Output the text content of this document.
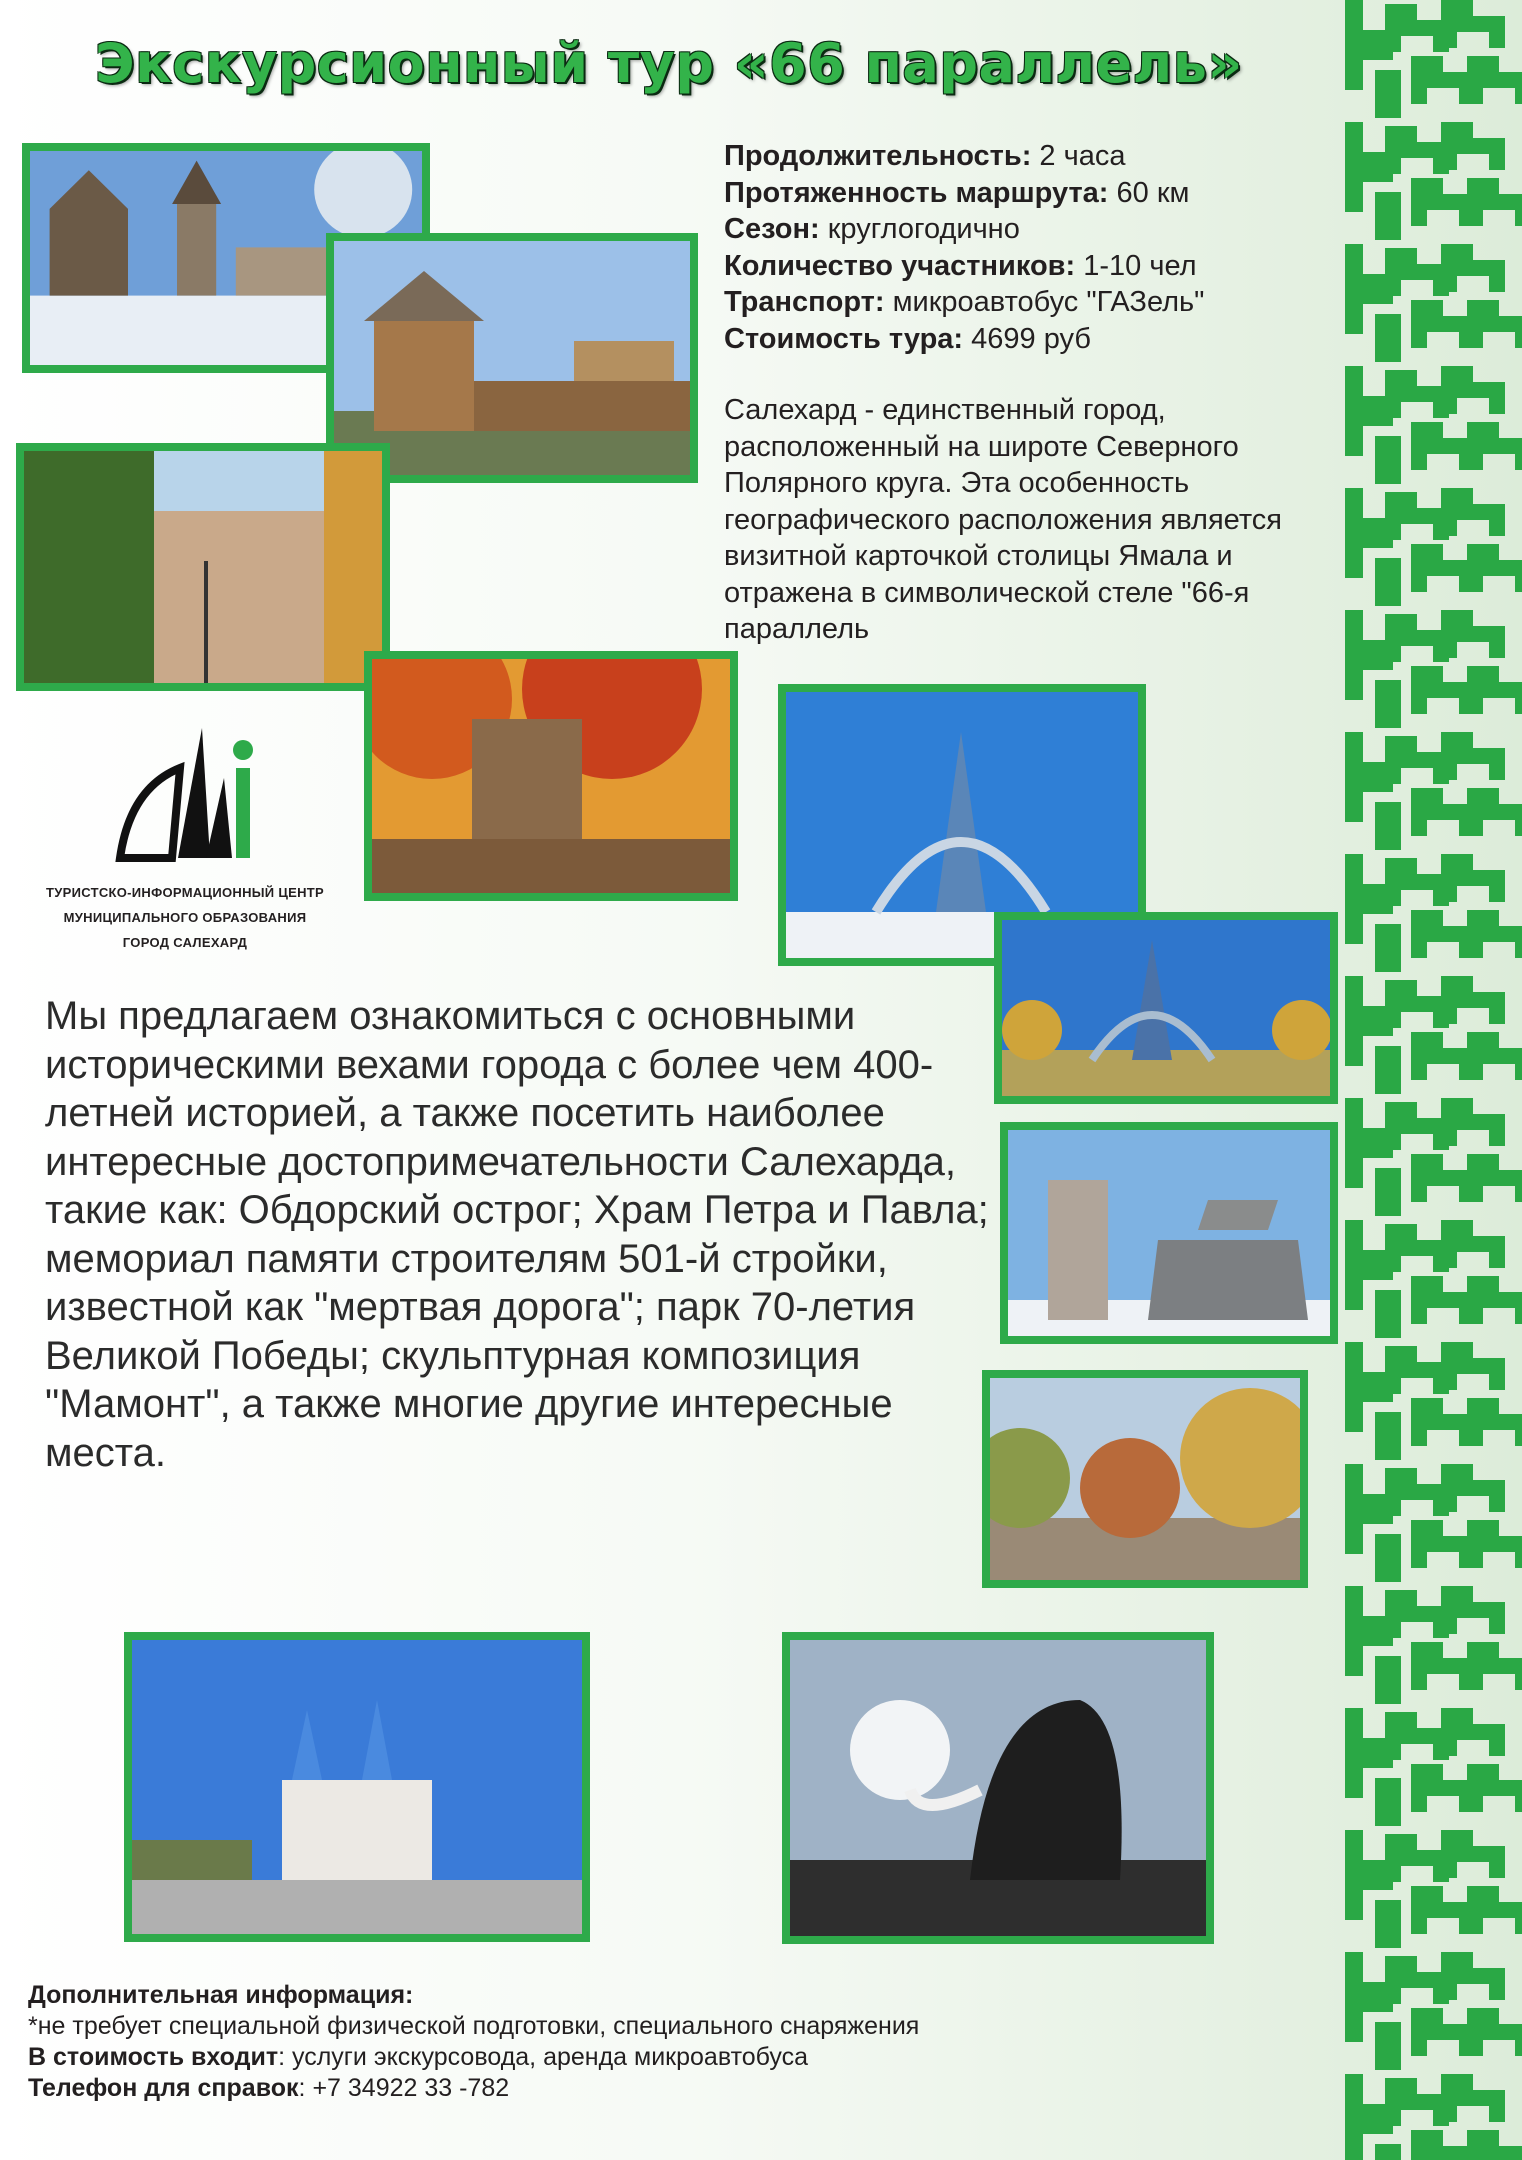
Экскурсионный тур «66 параллель»
Продолжительность: 2 часа
Протяженность маршрута: 60 км
Сезон: круглогодично
Количество участников: 1-10 чел
Транспорт: микроавтобус "ГАЗель"
Стоимость тура: 4699 руб

Салехард - единственный город, расположенный на широте Северного Полярного круга. Эта особенность географического расположения является визитной карточкой столицы Ямала и отражена в символической стеле "66-я параллель

ТУРИСТСКО-ИНФОРМАЦИОННЫЙ ЦЕНТР
МУНИЦИПАЛЬНОГО ОБРАЗОВАНИЯ
ГОРОД САЛЕХАРД

Мы предлагаем ознакомиться с основными историческими вехами города с более чем 400-летней историей, а также посетить наиболее интересные достопримечательности Салехарда, такие как: Обдорский острог; Храм Петра и Павла; мемориал памяти строителям 501-й стройки, известной как "мертвая дорога"; парк 70-летия Великой Победы; скульптурная композиция "Мамонт", а также многие другие интересные места.

Дополнительная информация:
*не требует специальной физической подготовки, специального снаряжения
В стоимость входит: услуги экскурсовода, аренда микроавтобуса
Телефон для справок: +7 34922 33 -782
